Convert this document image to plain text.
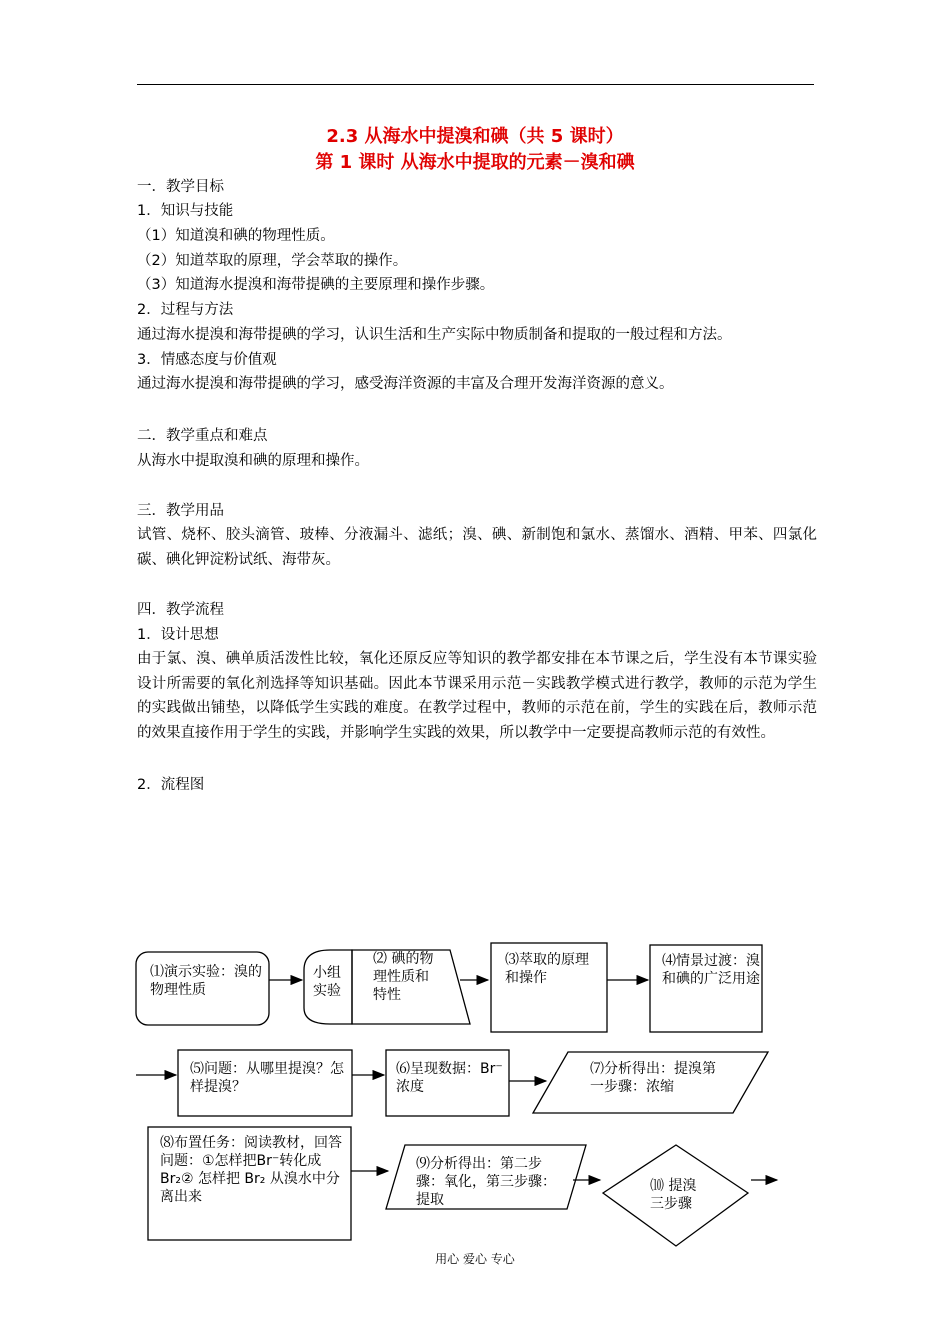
2.3 从海水中提溴和碘（共 5 课时）
第 1 课时 从海水中提取的元素－溴和碘
一．教学目标
1．知识与技能
（1）知道溴和碘的物理性质。
（2）知道萃取的原理，学会萃取的操作。
（3）知道海水提溴和海带提碘的主要原理和操作步骤。
2．过程与方法
通过海水提溴和海带提碘的学习，认识生活和生产实际中物质制备和提取的一般过程和方法。
3．情感态度与价值观
通过海水提溴和海带提碘的学习，感受海洋资源的丰富及合理开发海洋资源的意义。
二．教学重点和难点
从海水中提取溴和碘的原理和操作。
三．教学用品
试管、烧杯、胶头滴管、玻棒、分液漏斗、滤纸；溴、碘、新制饱和氯水、蒸馏水、酒精、甲苯、四氯化碳、碘化钾淀粉试纸、海带灰。
四．教学流程
1．设计思想
由于氯、溴、碘单质活泼性比较，氧化还原反应等知识的教学都安排在本节课之后，学生没有本节课实验设计所需要的氧化剂选择等知识基础。因此本节课采用示范－实践教学模式进行教学，教师的示范为学生的实践做出铺垫，以降低学生实践的难度。在教学过程中，教师的示范在前，学生的实践在后，教师示范的效果直接作用于学生的实践，并影响学生实践的效果，所以教学中一定要提高教师示范的有效性。
2．流程图
⑴演示实验：溴的物理性质
小组实验
⑵ 碘的物理性质和特性
⑶萃取的原理和操作
⑷情景过渡：溴和碘的广泛用途
⑸问题：从哪里提溴？怎样提溴？
⑹呈现数据：Br⁻浓度
⑺分析得出：提溴第一步骤：浓缩
⑻布置任务：阅读教材，回答问题：①怎样把Br⁻转化成 Br₂② 怎样把 Br₂ 从溴水中分离出来
⑼分析得出：第二步骤：氧化，第三步骤：提取
⑽ 提溴三步骤
用心 爱心 专心
